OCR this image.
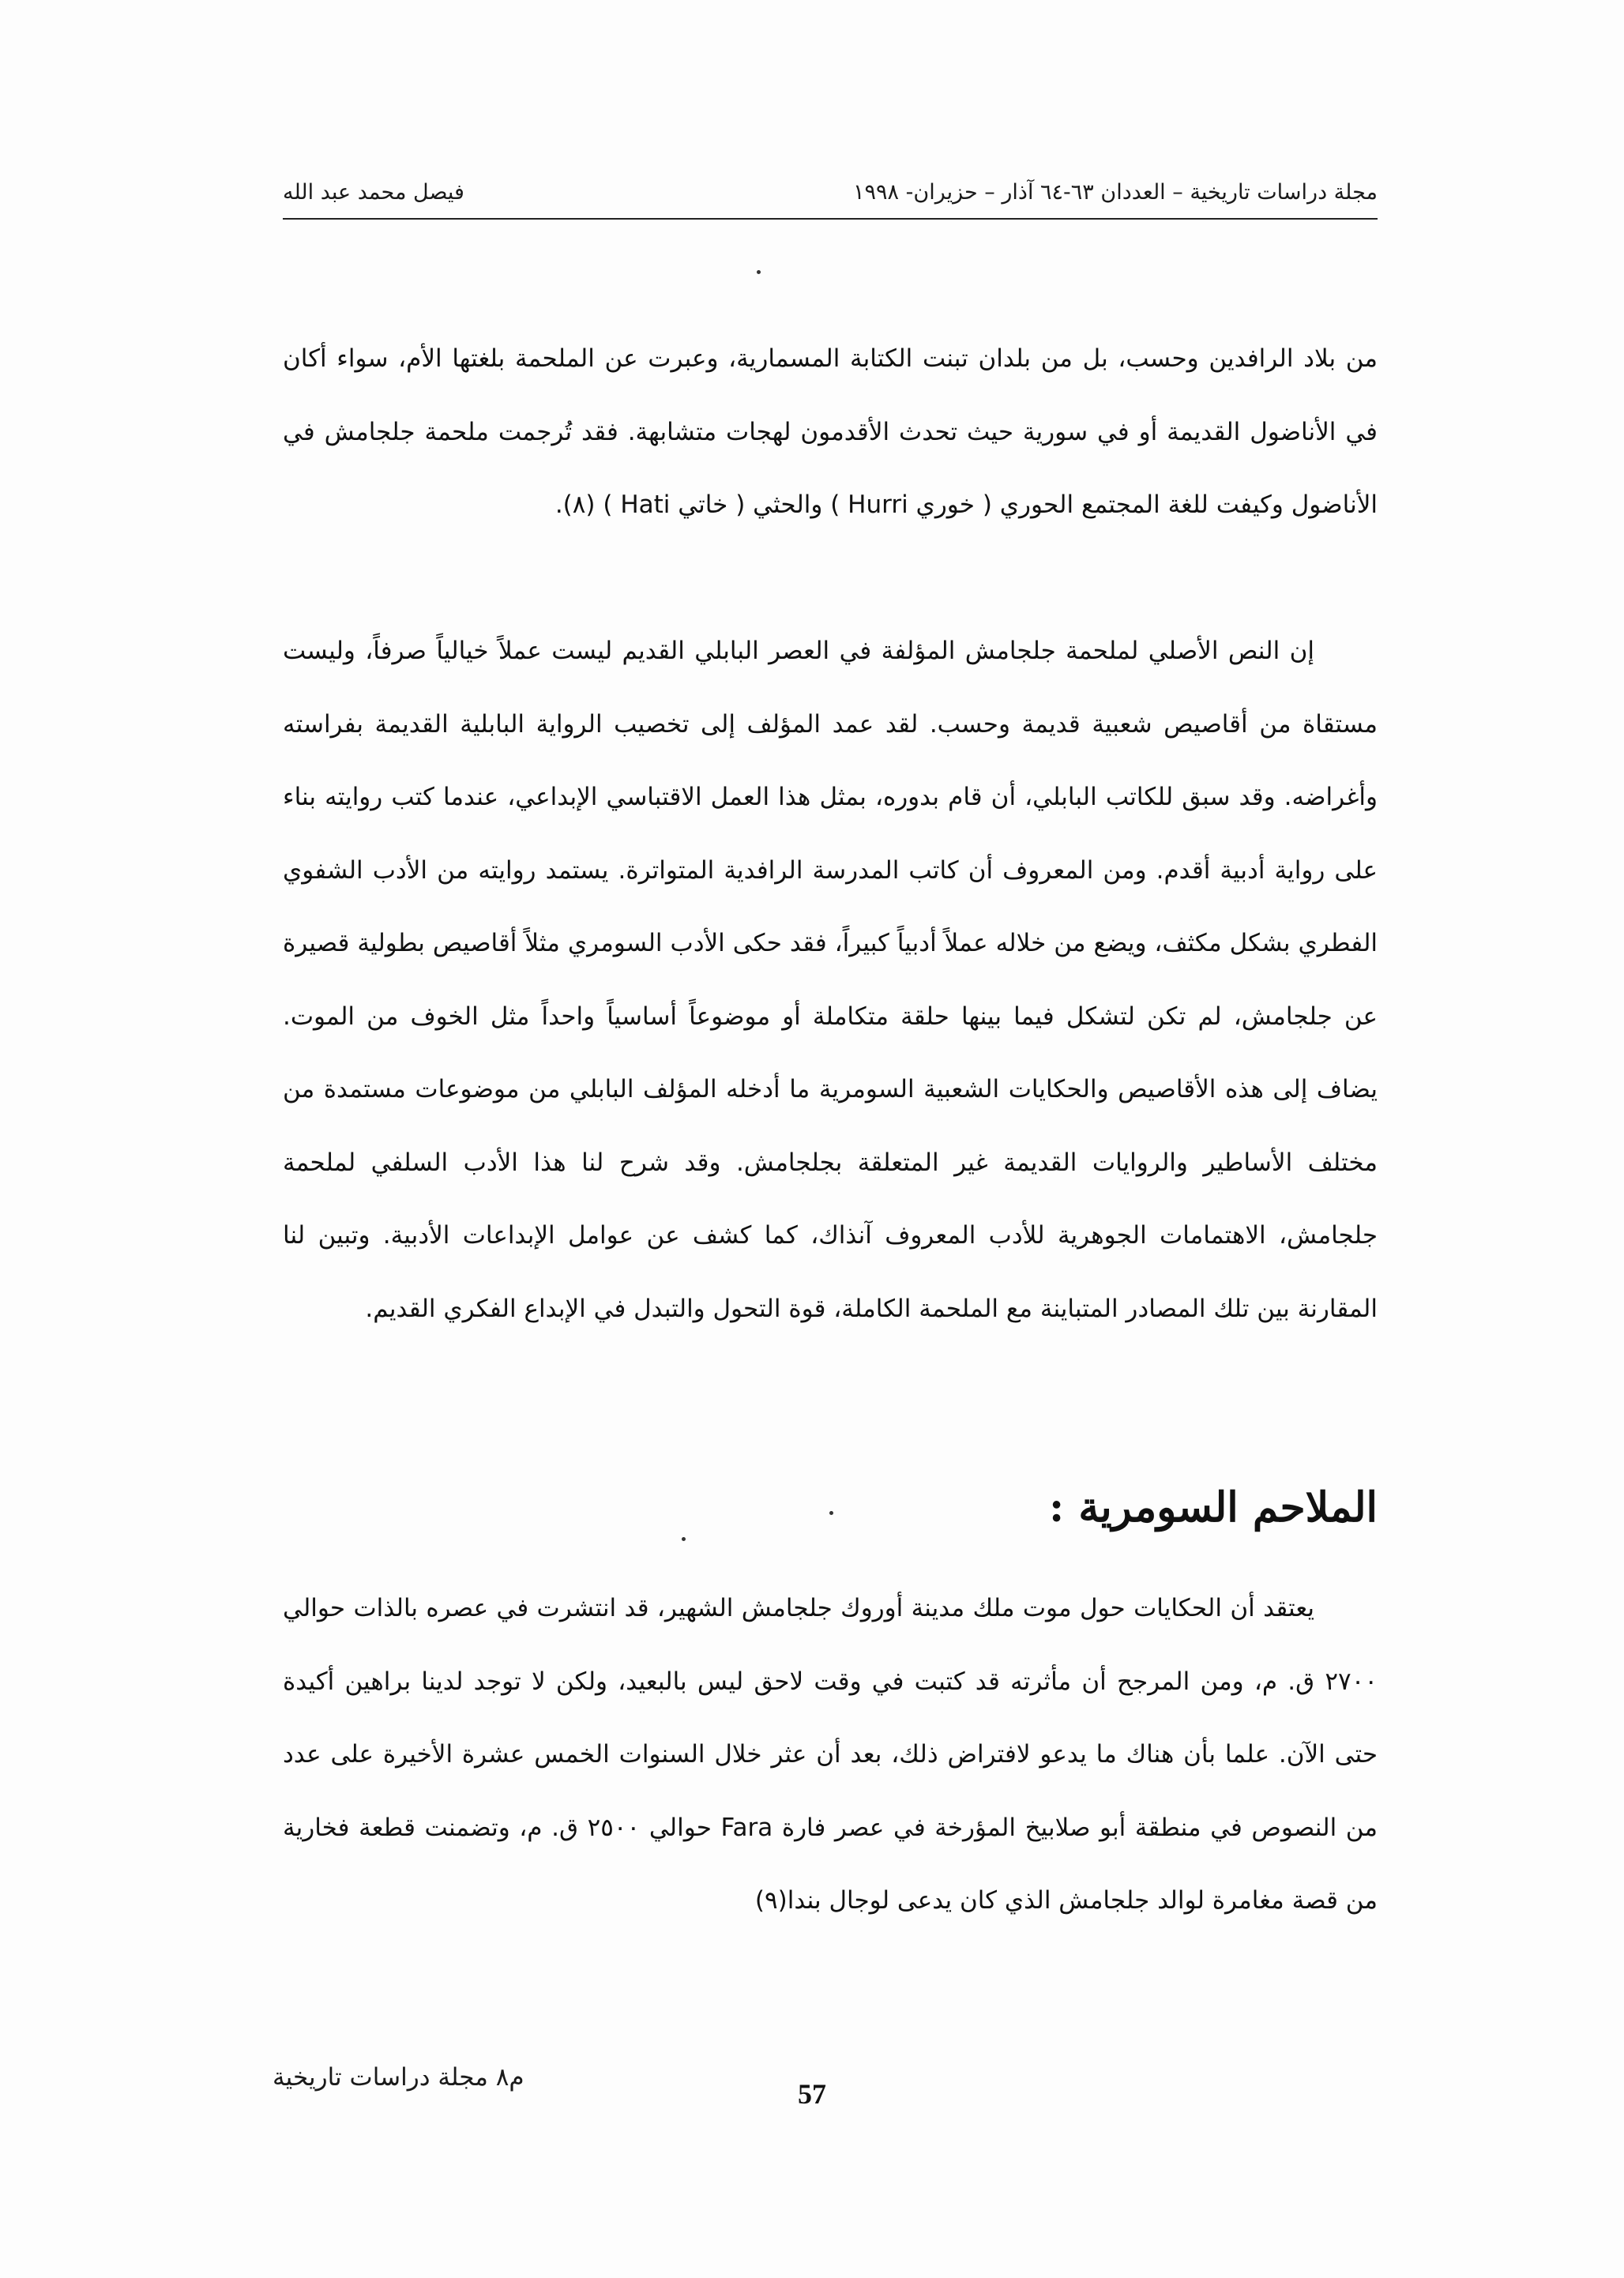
مجلة دراسات تاريخية – العددان ٦٣-٦٤ آذار – حزيران- ١٩٩٨
فيصل محمد عبد الله

من بلاد الرافدين وحسب، بل من بلدان تبنت الكتابة المسمارية، وعبرت عن الملحمة بلغتها الأم، سواء أكان في الأناضول القديمة أو في سورية حيث تحدث الأقدمون لهجات متشابهة. فقد تُرجمت ملحمة جلجامش في الأناضول وكيفت للغة المجتمع الحوري ( خوري Hurri ) والحثي ( خاتي Hati ) (٨).

إن النص الأصلي لملحمة جلجامش المؤلفة في العصر البابلي القديم ليست عملاً خيالياً صرفاً، وليست مستقاة من أقاصيص شعبية قديمة وحسب. لقد عمد المؤلف إلى تخصيب الرواية البابلية القديمة بفراسته وأغراضه. وقد سبق للكاتب البابلي، أن قام بدوره، بمثل هذا العمل الاقتباسي الإبداعي، عندما كتب روايته بناء على رواية أدبية أقدم. ومن المعروف أن كاتب المدرسة الرافدية المتواترة. يستمد روايته من الأدب الشفوي الفطري بشكل مكثف، ويضع من خلاله عملاً أدبياً كبيراً، فقد حكى الأدب السومري مثلاً أقاصيص بطولية قصيرة عن جلجامش، لم تكن لتشكل فيما بينها حلقة متكاملة أو موضوعاً أساسياً واحداً مثل الخوف من الموت. يضاف إلى هذه الأقاصيص والحكايات الشعبية السومرية ما أدخله المؤلف البابلي من موضوعات مستمدة من مختلف الأساطير والروايات القديمة غير المتعلقة بجلجامش. وقد شرح لنا هذا الأدب السلفي لملحمة جلجامش، الاهتمامات الجوهرية للأدب المعروف آنذاك، كما كشف عن عوامل الإبداعات الأدبية. وتبين لنا المقارنة بين تلك المصادر المتباينة مع الملحمة الكاملة، قوة التحول والتبدل في الإبداع الفكري القديم.

الملاحم السومرية :

يعتقد أن الحكايات حول موت ملك مدينة أوروك جلجامش الشهير، قد انتشرت في عصره بالذات حوالي ٢٧٠٠ ق. م، ومن المرجح أن مأثرته قد كتبت في وقت لاحق ليس بالبعيد، ولكن لا توجد لدينا براهين أكيدة حتى الآن. علما بأن هناك ما يدعو لافتراض ذلك، بعد أن عثر خلال السنوات الخمس عشرة الأخيرة على عدد من النصوص في منطقة أبو صلابيخ المؤرخة في عصر فارة Fara حوالي ٢٥٠٠ ق. م، وتضمنت قطعة فخارية من قصة مغامرة لوالد جلجامش الذي كان يدعى لوجال بندا(٩)

م٨ مجلة دراسات تاريخية
57
